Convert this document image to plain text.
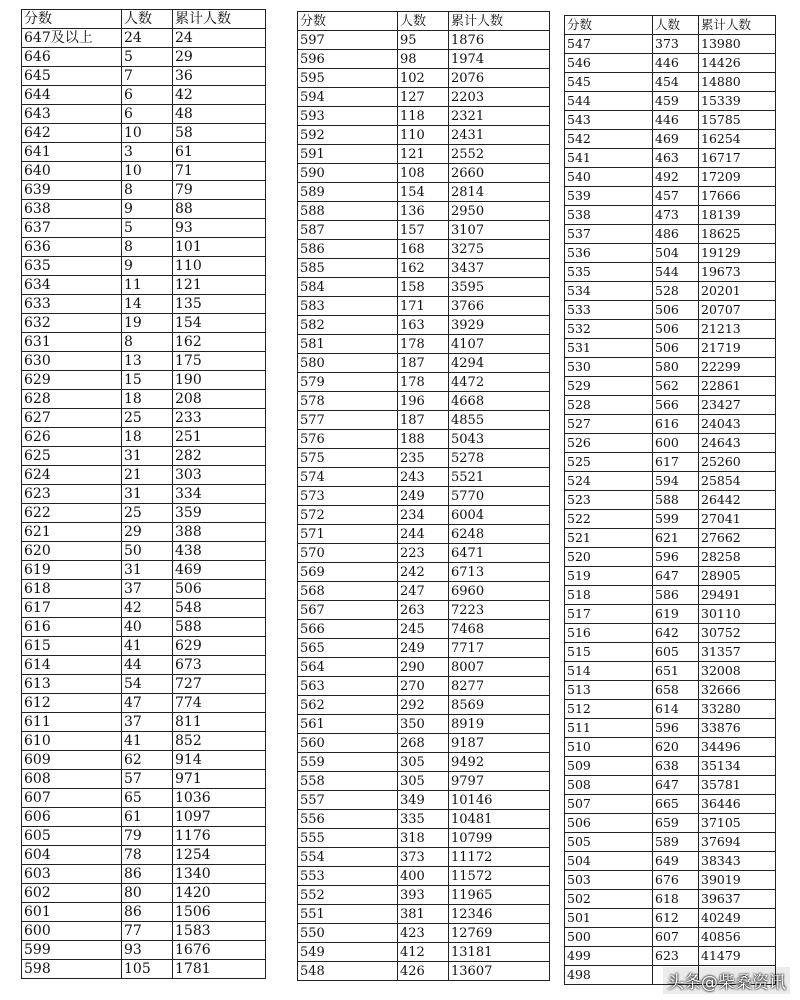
分数	人数	累计人数
647及以上	24	24
646	5	29
645	7	36
644	6	42
643	6	48
642	10	58
641	3	61
640	10	71
639	8	79
638	9	88
637	5	93
636	8	101
635	9	110
634	11	121
633	14	135
632	19	154
631	8	162
630	13	175
629	15	190
628	18	208
627	25	233
626	18	251
625	31	282
624	21	303
623	31	334
622	25	359
621	29	388
620	50	438
619	31	469
618	37	506
617	42	548
616	40	588
615	41	629
614	44	673
613	54	727
612	47	774
611	37	811
610	41	852
609	62	914
608	57	971
607	65	1036
606	61	1097
605	79	1176
604	78	1254
603	86	1340
602	80	1420
601	86	1506
600	77	1583
599	93	1676
598	105	1781
分数	人数	累计人数
597	95	1876
596	98	1974
595	102	2076
594	127	2203
593	118	2321
592	110	2431
591	121	2552
590	108	2660
589	154	2814
588	136	2950
587	157	3107
586	168	3275
585	162	3437
584	158	3595
583	171	3766
582	163	3929
581	178	4107
580	187	4294
579	178	4472
578	196	4668
577	187	4855
576	188	5043
575	235	5278
574	243	5521
573	249	5770
572	234	6004
571	244	6248
570	223	6471
569	242	6713
568	247	6960
567	263	7223
566	245	7468
565	249	7717
564	290	8007
563	270	8277
562	292	8569
561	350	8919
560	268	9187
559	305	9492
558	305	9797
557	349	10146
556	335	10481
555	318	10799
554	373	11172
553	400	11572
552	393	11965
551	381	12346
550	423	12769
549	412	13181
548	426	13607
分数	人数	累计人数
547	373	13980
546	446	14426
545	454	14880
544	459	15339
543	446	15785
542	469	16254
541	463	16717
540	492	17209
539	457	17666
538	473	18139
537	486	18625
536	504	19129
535	544	19673
534	528	20201
533	506	20707
532	506	21213
531	506	21719
530	580	22299
529	562	22861
528	566	23427
527	616	24043
526	600	24643
525	617	25260
524	594	25854
523	588	26442
522	599	27041
521	621	27662
520	596	28258
519	647	28905
518	586	29491
517	619	30110
516	642	30752
515	605	31357
514	651	32008
513	658	32666
512	614	33280
511	596	33876
510	620	34496
509	638	35134
508	647	35781
507	665	36446
506	659	37105
505	589	37694
504	649	38343
503	676	39019
502	618	39637
501	612	40249
500	607	40856
499	623	41479
498			头条@柴桑资讯
